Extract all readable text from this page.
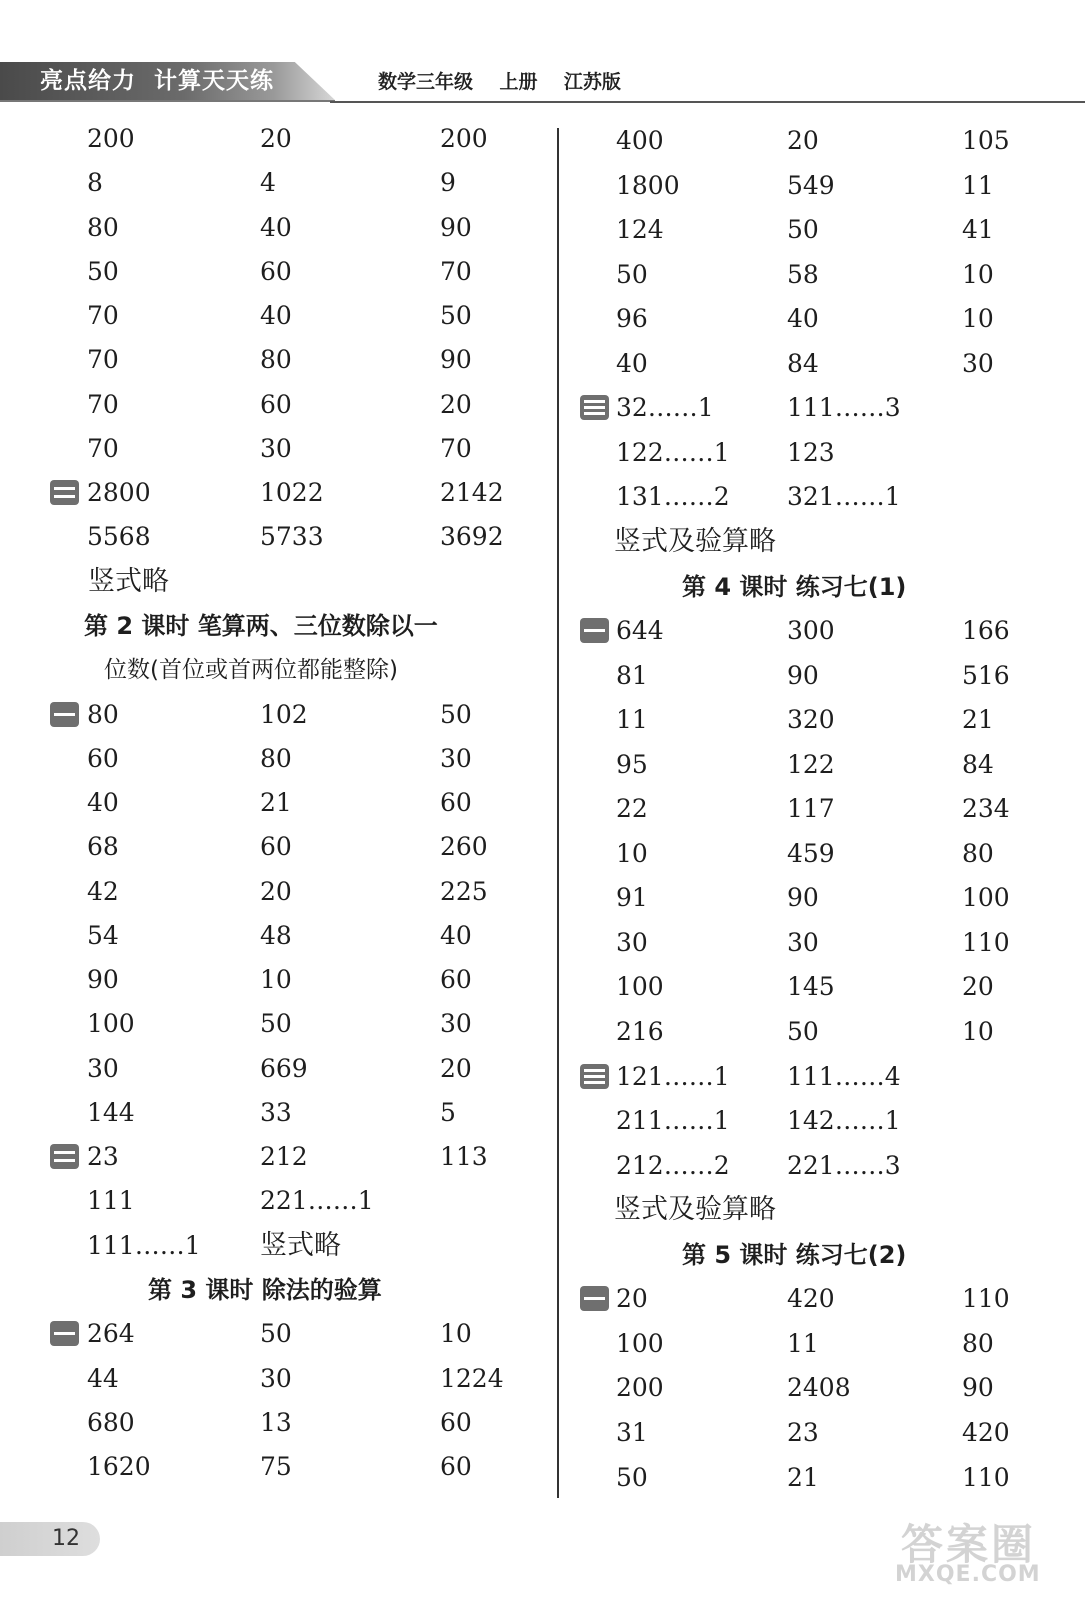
亮点给力  计算天天练	数学三年级    上册    江苏版
200	20	200
8	4	9
80	40	90
50	60	70
70	40	50
70	80	90
70	60	20
70	30	70
2800	1022	2142
5568	5733	3692
竖式略
第 2 课时 笔算两、三位数除以一
位数(首位或首两位都能整除)
80	102	50
60	80	30
40	21	60
68	60	260
42	20	225
54	48	40
90	10	60
100	50	30
30	669	20
144	33	5
23	212	113
111	221……1
111……1 竖式略
第 3 课时 除法的验算
264	50	10
44	30	1224
680	13	60
1620	75	60
400	20	105
1800	549	11
124	50	41
50	58	10
96	40	10
40	84	30
32……1	111……3
122……1 123
131……2 321……1
竖式及验算略
第 4 课时 练习七(1)
644	300	166
81	90	516
11	320	21
95	122	84
22	117	234
10	459	80
91	90	100
30	30	110
100	145	20
216	50	10
121……1 111……4
211……1 142……1
212……2 221……3
竖式及验算略
第 5 课时 练习七(2)
20	420	110
100	11	80
200	2408	90
31	23	420
50	21	110
12	答案圈
MXQE.COM
